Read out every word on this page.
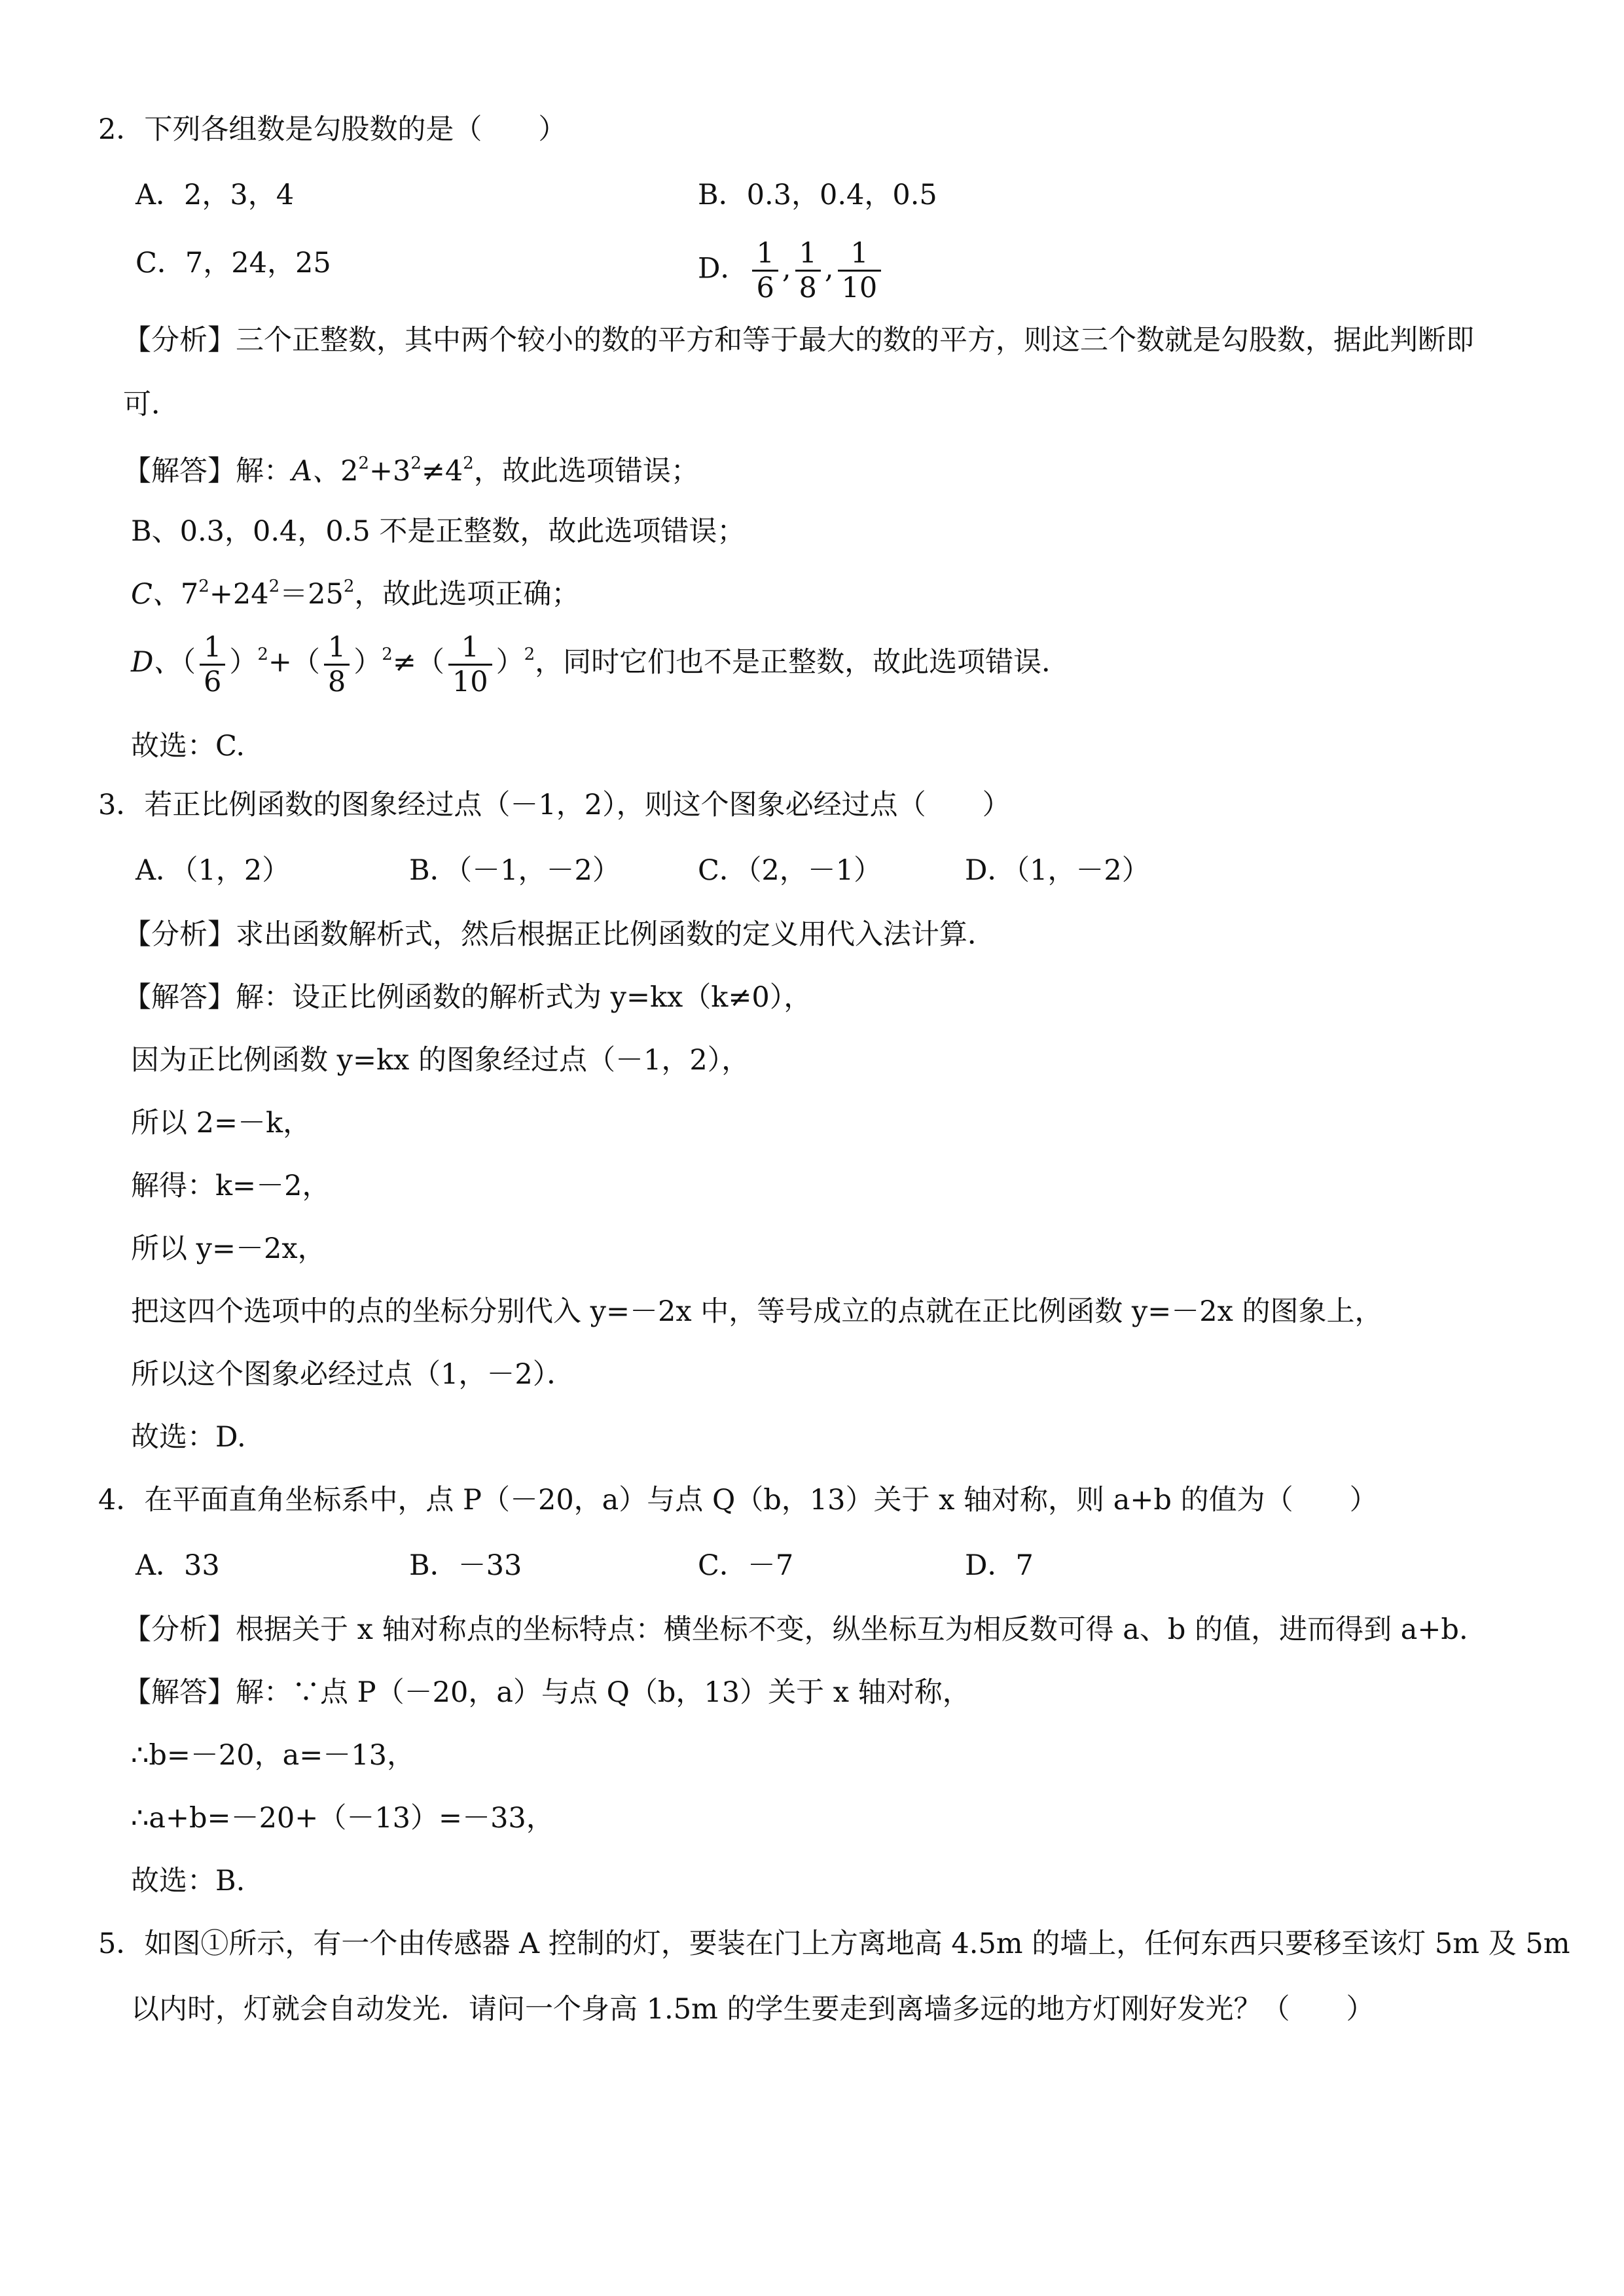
2．下列各组数是勾股数的是（　　）
A．2，3，4	B．0.3，0.4，0.5
C．7，24，25	D． $\frac{1}{6}$ , $\frac{1}{8}$ , $\frac{1}{10}$
【分析】三个正整数，其中两个较小的数的平方和等于最大的数的平方，则这三个数就是勾股数，据此判断即
可．
【解答】解：A、$2^2+3^2\ne 4^2$，故此选项错误；
B、0.3，0.4，0.5 不是正整数，故此选项错误；
C、$7^2+24^2=25^2$，故此选项正确；
D、（ $\frac{1}{6} )^2+( \frac{1}{8} )^2\ne( \frac{1}{10} )^2$，同时它们也不是正整数，故此选项错误．
故选：C.
3．若正比例函数的图象经过点（－1，2），则这个图象必经过点（　　）
A．（1，2）	B．（－1，－2）	C．（2，－1）	D．（1，－2）
【分析】求出函数解析式，然后根据正比例函数的定义用代入法计算．
【解答】解：设正比例函数的解析式为 y=kx（k≠0），
因为正比例函数 y=kx 的图象经过点（－1，2），
所以 2=－k，
解得：k=－2，
所以 y=－2x，
把这四个选项中的点的坐标分别代入 y=－2x 中，等号成立的点就在正比例函数 y=－2x 的图象上，
所以这个图象必经过点（1，－2）．
故选：D.
4．在平面直角坐标系中，点 P（－20，a）与点 Q（b，13）关于 x 轴对称，则 a+b 的值为（　　）
A．33	B．－33	C．－7	D．7
【分析】根据关于 x 轴对称点的坐标特点：横坐标不变，纵坐标互为相反数可得 a、b 的值，进而得到 a+b.
【解答】解：∵点 P（－20，a）与点 Q（b，13）关于 x 轴对称，
∴b=－20，a=－13，
∴a+b=－20+（－13）=－33，
故选：B.
5．如图①所示，有一个由传感器 A 控制的灯，要装在门上方离地高 4.5m 的墙上，任何东西只要移至该灯 5m 及 5m
以内时，灯就会自动发光．请问一个身高 1.5m 的学生要走到离墙多远的地方灯刚好发光？（　　）
